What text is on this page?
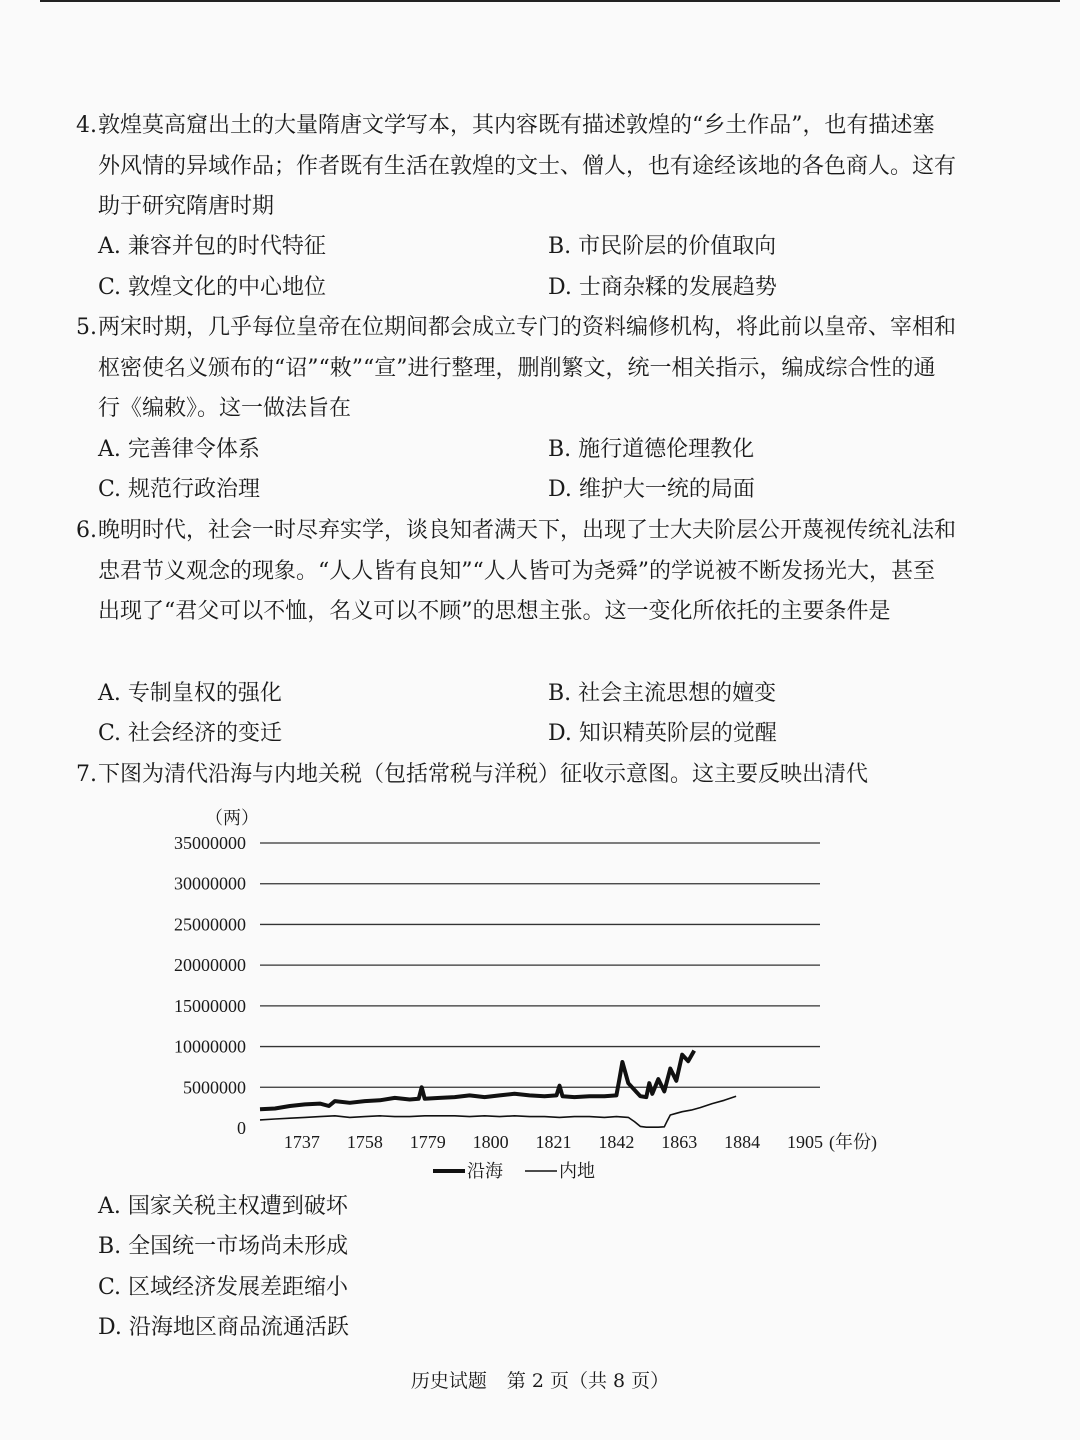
4.敦煌莫高窟出土的大量隋唐文学写本，其内容既有描述敦煌的“乡土作品”，也有描述塞外风情的异域作品；作者既有生活在敦煌的文士、僧人，也有途经该地的各色商人。这有助于研究隋唐时期
A. 兼容并包的时代特征	B. 市民阶层的价值取向
C. 敦煌文化的中心地位	D. 士商杂糅的发展趋势
5.两宋时期，几乎每位皇帝在位期间都会成立专门的资料编修机构，将此前以皇帝、宰相和枢密使名义颁布的“诏”“敕”“宣”进行整理，删削繁文，统一相关指示，编成综合性的通行《编敕》。这一做法旨在
A. 完善律令体系	B. 施行道德伦理教化
C. 规范行政治理	D. 维护大一统的局面
6.晚明时代，社会一时尽弃实学，谈良知者满天下，出现了士大夫阶层公开蔑视传统礼法和忠君节义观念的现象。“人人皆有良知”“人人皆可为尧舜”的学说被不断发扬光大，甚至出现了“君父可以不恤，名义可以不顾”的思想主张。这一变化所依托的主要条件是
A. 专制皇权的强化	B. 社会主流思想的嬗变
C. 社会经济的变迁	D. 知识精英阶层的觉醒
7.下图为清代沿海与内地关税（包括常税与洋税）征收示意图。这主要反映出清代
（两）
35000000
30000000
25000000
20000000
15000000
10000000
5000000
0
1737 1758 1779 1800 1821 1842 1863 1884 1905 (年份)
沿海	内地
A. 国家关税主权遭到破坏
B. 全国统一市场尚未形成
C. 区域经济发展差距缩小
D. 沿海地区商品流通活跃
历史试题 第 2 页（共 8 页）
